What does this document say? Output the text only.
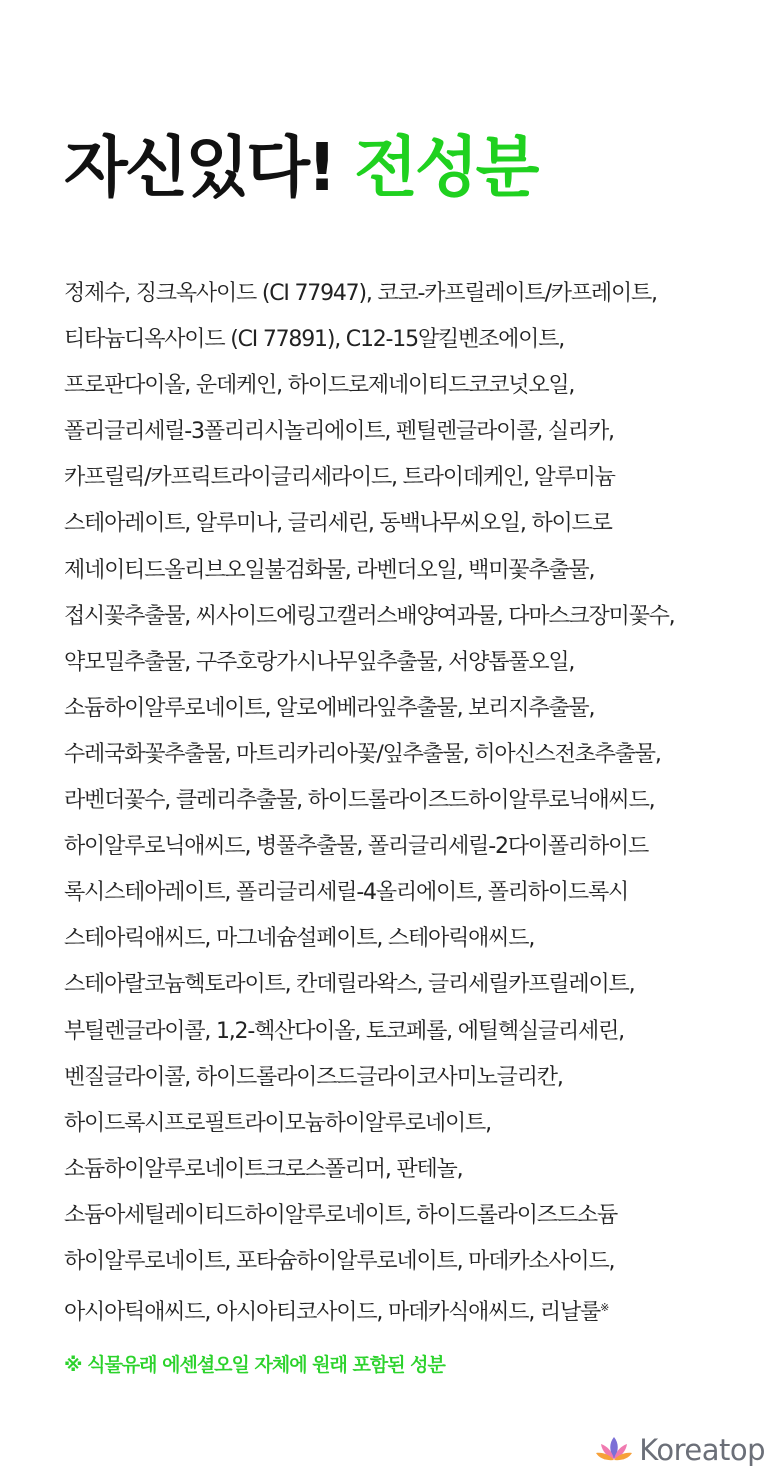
자신있다! 전성분
정제수, 징크옥사이드 (CI 77947), 코코-카프릴레이트/카프레이트,
티타늄디옥사이드 (CI 77891), C12-15알킬벤조에이트,
프로판다이올, 운데케인, 하이드로제네이티드코코넛오일,
폴리글리세릴-3폴리리시놀리에이트, 펜틸렌글라이콜, 실리카,
카프릴릭/카프릭트라이글리세라이드, 트라이데케인, 알루미늄
스테아레이트, 알루미나, 글리세린, 동백나무씨오일, 하이드로
제네이티드올리브오일불검화물, 라벤더오일, 백미꽃추출물,
접시꽃추출물, 씨사이드에링고캘러스배양여과물, 다마스크장미꽃수,
약모밀추출물, 구주호랑가시나무잎추출물, 서양톱풀오일,
소듐하이알루로네이트, 알로에베라잎추출물, 보리지추출물,
수레국화꽃추출물, 마트리카리아꽃/잎추출물, 히아신스전초추출물,
라벤더꽃수, 클레리추출물, 하이드롤라이즈드하이알루로닉애씨드,
하이알루로닉애씨드, 병풀추출물, 폴리글리세릴-2다이폴리하이드
록시스테아레이트, 폴리글리세릴-4올리에이트, 폴리하이드록시
스테아릭애씨드, 마그네슘설페이트, 스테아릭애씨드,
스테아랄코늄헥토라이트, 칸데릴라왁스, 글리세릴카프릴레이트,
부틸렌글라이콜, 1,2-헥산다이올, 토코페롤, 에틸헥실글리세린,
벤질글라이콜, 하이드롤라이즈드글라이코사미노글리칸,
하이드록시프로필트라이모늄하이알루로네이트,
소듐하이알루로네이트크로스폴리머, 판테놀,
소듐아세틸레이티드하이알루로네이트, 하이드롤라이즈드소듐
하이알루로네이트, 포타슘하이알루로네이트, 마데카소사이드,
아시아틱애씨드, 아시아티코사이드, 마데카식애씨드, 리날룰※
※ 식물유래 에센셜오일 자체에 원래 포함된 성분
Koreatop
